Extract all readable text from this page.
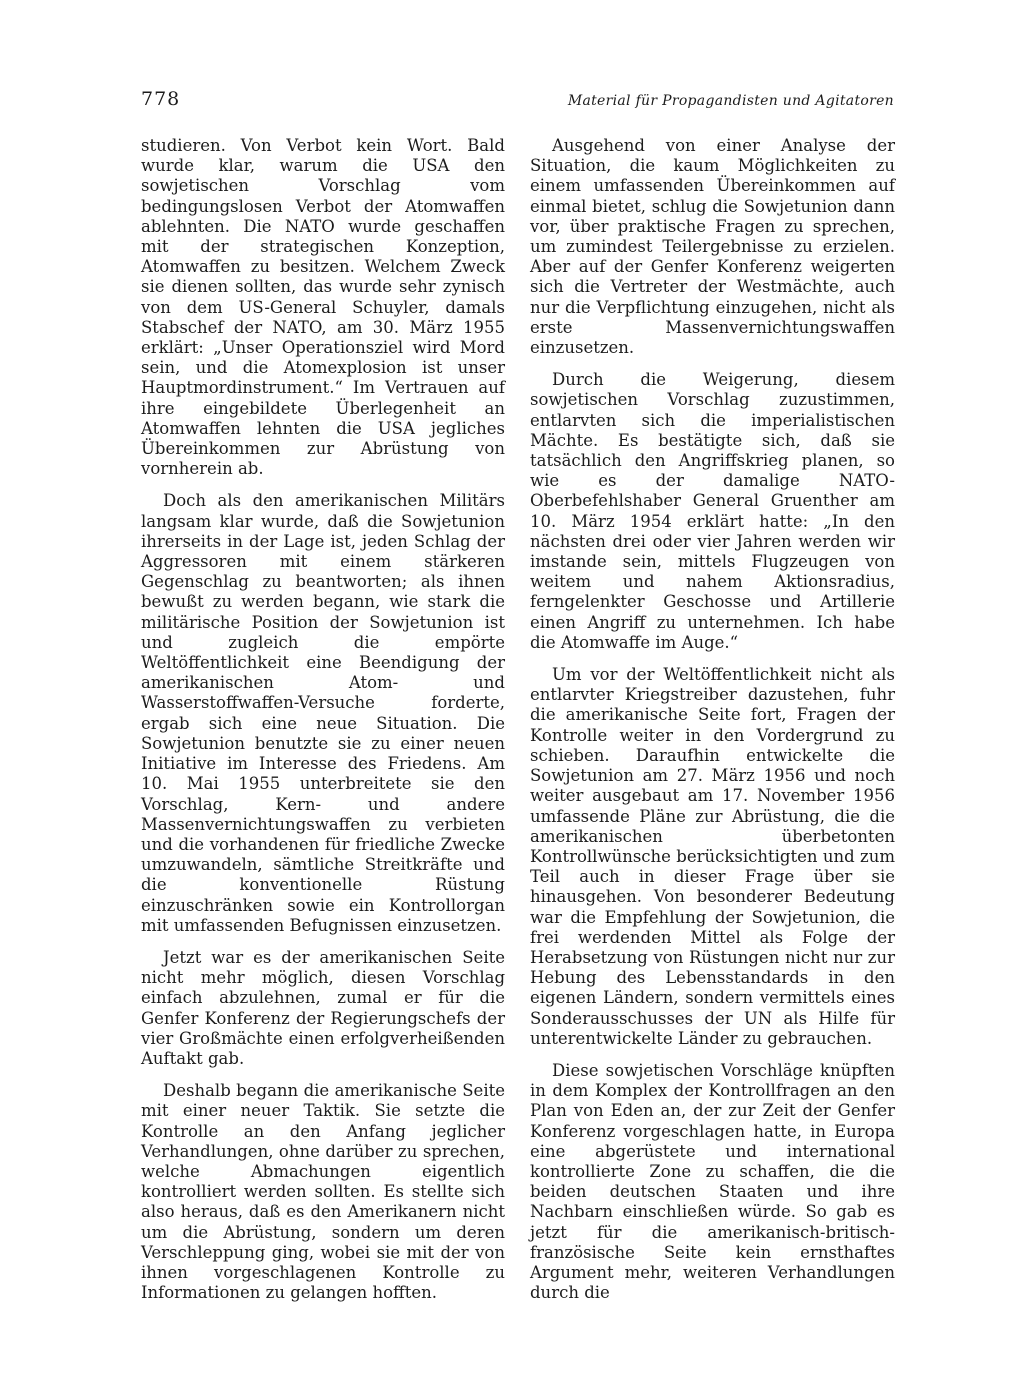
778	Material für Propagandisten und Agitatoren

studieren. Von Verbot kein Wort. Bald wurde klar, warum die USA den sowjetischen Vorschlag vom bedingungslosen Verbot der Atomwaffen ablehnten. Die NATO wurde geschaffen mit der strategischen Konzeption, Atomwaffen zu besitzen. Welchem Zweck sie dienen sollten, das wurde sehr zynisch von dem US-General Schuyler, damals Stabschef der NATO, am 30. März 1955 erklärt: „Unser Operationsziel wird Mord sein, und die Atomexplosion ist unser Hauptmordinstrument.“ Im Vertrauen auf ihre eingebildete Überlegenheit an Atomwaffen lehnten die USA jegliches Übereinkommen zur Abrüstung von vornherein ab.

Doch als den amerikanischen Militärs langsam klar wurde, daß die Sowjetunion ihrerseits in der Lage ist, jeden Schlag der Aggressoren mit einem stärkeren Gegenschlag zu beantworten; als ihnen bewußt zu werden begann, wie stark die militärische Position der Sowjetunion ist und zugleich die empörte Weltöffentlichkeit eine Beendigung der amerikanischen Atom- und Wasserstoffwaffen-Versuche forderte, ergab sich eine neue Situation. Die Sowjetunion benutzte sie zu einer neuen Initiative im Interesse des Friedens. Am 10. Mai 1955 unterbreitete sie den Vorschlag, Kern- und andere Massenvernichtungswaffen zu verbieten und die vorhandenen für friedliche Zwecke umzuwandeln, sämtliche Streitkräfte und die konventionelle Rüstung einzuschränken sowie ein Kontrollorgan mit umfassenden Befugnissen einzusetzen.

Jetzt war es der amerikanischen Seite nicht mehr möglich, diesen Vorschlag einfach abzulehnen, zumal er für die Genfer Konferenz der Regierungschefs der vier Großmächte einen erfolgverheißenden Auftakt gab.

Deshalb begann die amerikanische Seite mit einer neuer Taktik. Sie setzte die Kontrolle an den Anfang jeglicher Verhandlungen, ohne darüber zu sprechen, welche Abmachungen eigentlich kontrolliert werden sollten. Es stellte sich also heraus, daß es den Amerikanern nicht um die Abrüstung, sondern um deren Verschleppung ging, wobei sie mit der von ihnen vorgeschlagenen Kontrolle zu Informationen zu gelangen hofften.

Ausgehend von einer Analyse der Situation, die kaum Möglichkeiten zu einem umfassenden Übereinkommen auf einmal bietet, schlug die Sowjetunion dann vor, über praktische Fragen zu sprechen, um zumindest Teilergebnisse zu erzielen. Aber auf der Genfer Konferenz weigerten sich die Vertreter der Westmächte, auch nur die Verpflichtung einzugehen, nicht als erste Massenvernichtungswaffen einzusetzen.

Durch die Weigerung, diesem sowjetischen Vorschlag zuzustimmen, entlarvten sich die imperialistischen Mächte. Es bestätigte sich, daß sie tatsächlich den Angriffskrieg planen, so wie es der damalige NATO-Oberbefehlshaber General Gruenther am 10. März 1954 erklärt hatte: „In den nächsten drei oder vier Jahren werden wir imstande sein, mittels Flugzeugen von weitem und nahem Aktionsradius, ferngelenkter Geschosse und Artillerie einen Angriff zu unternehmen. Ich habe die Atomwaffe im Auge.“

Um vor der Weltöffentlichkeit nicht als entlarvter Kriegstreiber dazustehen, fuhr die amerikanische Seite fort, Fragen der Kontrolle weiter in den Vordergrund zu schieben. Daraufhin entwickelte die Sowjetunion am 27. März 1956 und noch weiter ausgebaut am 17. November 1956 umfassende Pläne zur Abrüstung, die die amerikanischen überbetonten Kontrollwünsche berücksichtigten und zum Teil auch in dieser Frage über sie hinausgehen. Von besonderer Bedeutung war die Empfehlung der Sowjetunion, die frei werdenden Mittel als Folge der Herabsetzung von Rüstungen nicht nur zur Hebung des Lebensstandards in den eigenen Ländern, sondern vermittels eines Sonderausschusses der UN als Hilfe für unterentwickelte Länder zu gebrauchen.

Diese sowjetischen Vorschläge knüpften in dem Komplex der Kontrollfragen an den Plan von Eden an, der zur Zeit der Genfer Konferenz vorgeschlagen hatte, in Europa eine abgerüstete und international kontrollierte Zone zu schaffen, die die beiden deutschen Staaten und ihre Nachbarn einschließen würde. So gab es jetzt für die amerikanisch-britisch-französische Seite kein ernsthaftes Argument mehr, weiteren Verhandlungen durch die
